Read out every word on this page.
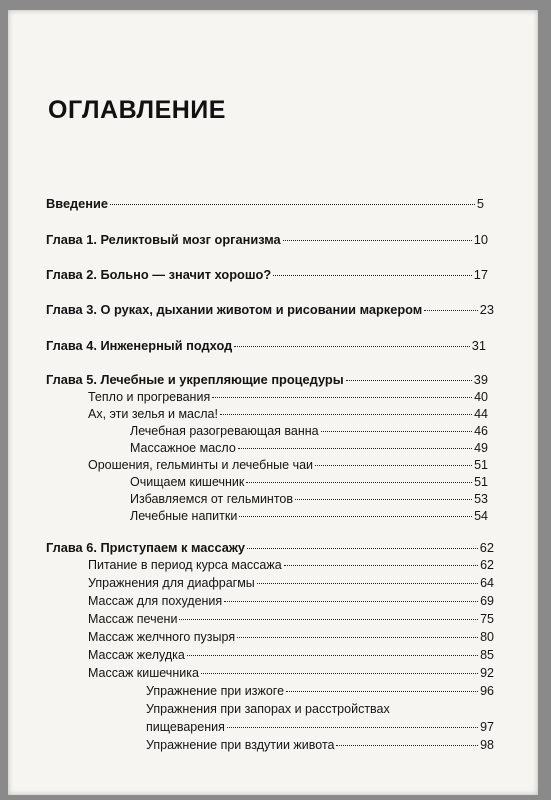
ОГЛАВЛЕНИЕ
Введение	5
Глава 1. Реликтовый мозг организма	10
Глава 2. Больно — значит хорошо?	17
Глава 3. О руках, дыхании животом и рисовании маркером	23
Глава 4. Инженерный подход	31
Глава 5. Лечебные и укрепляющие процедуры	39
Тепло и прогревания	40
Ах, эти зелья и масла!	44
Лечебная разогревающая ванна	46
Массажное масло	49
Орошения, гельминты и лечебные чаи	51
Очищаем кишечник	51
Избавляемся от гельминтов	53
Лечебные напитки	54
Глава 6. Приступаем к массажу	62
Питание в период курса массажа	62
Упражнения для диафрагмы	64
Массаж для похудения	69
Массаж печени	75
Массаж желчного пузыря	80
Массаж желудка	85
Массаж кишечника	92
Упражнение при изжоге	96
Упражнения при запорах и расстройствах
пищеварения	97
Упражнение при вздутии живота	98
